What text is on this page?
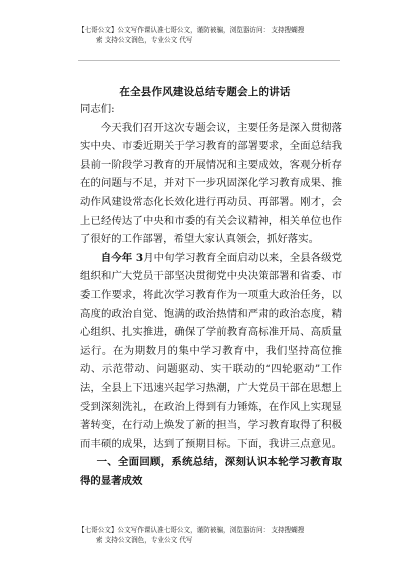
【七哥公文】公文写作课认准七哥公文，谨防被骗，浏览器访问： 支持搜蝴搜
索 支持公文润色，专业公文 代写
在全县作风建设总结专题会上的讲话

同志们:

今天我们召开这次专题会议，主要任务是深入贯彻落实中央、市委近期关于学习教育的部署要求，全面总结我县前一阶段学习教育的开展情况和主要成效，客观分析存在的问题与不足，并对下一步巩固深化学习教育成果、推动作风建设常态化长效化进行再动员、再部署。刚才，会上已经传达了中央和市委的有关会议精神，相关单位也作了很好的工作部署，希望大家认真领会，抓好落实。

自今年 3月中旬学习教育全面启动以来，全县各级党组织和广大党员干部坚决贯彻党中央决策部署和省委、市委工作要求，将此次学习教育作为一项重大政治任务，以高度的政治自觉、饱满的政治热情和严肃的政治态度，精心组织、扎实推进，确保了学前教育高标准开局、高质量运行。在为期数月的集中学习教育中，我们坚持高位推动、示范带动、问题驱动、实干联动的“四轮驱动”工作法，全县上下迅速兴起学习热潮，广大党员干部在思想上受到深刻洗礼，在政治上得到有力锤炼，在作风上实现显著转变，在行动上焕发了新的担当，学习教育取得了积极而丰硕的成果，达到了预期目标。下面，我讲三点意见。一、全面回顾，系统总结，深刻认识本轮学习教育取得的显著成效

【七哥公文】公文写作课认准七哥公文，谨防被骗，浏览器访问： 支持搜蝴搜
索 支持公文润色，专业公文 代写
